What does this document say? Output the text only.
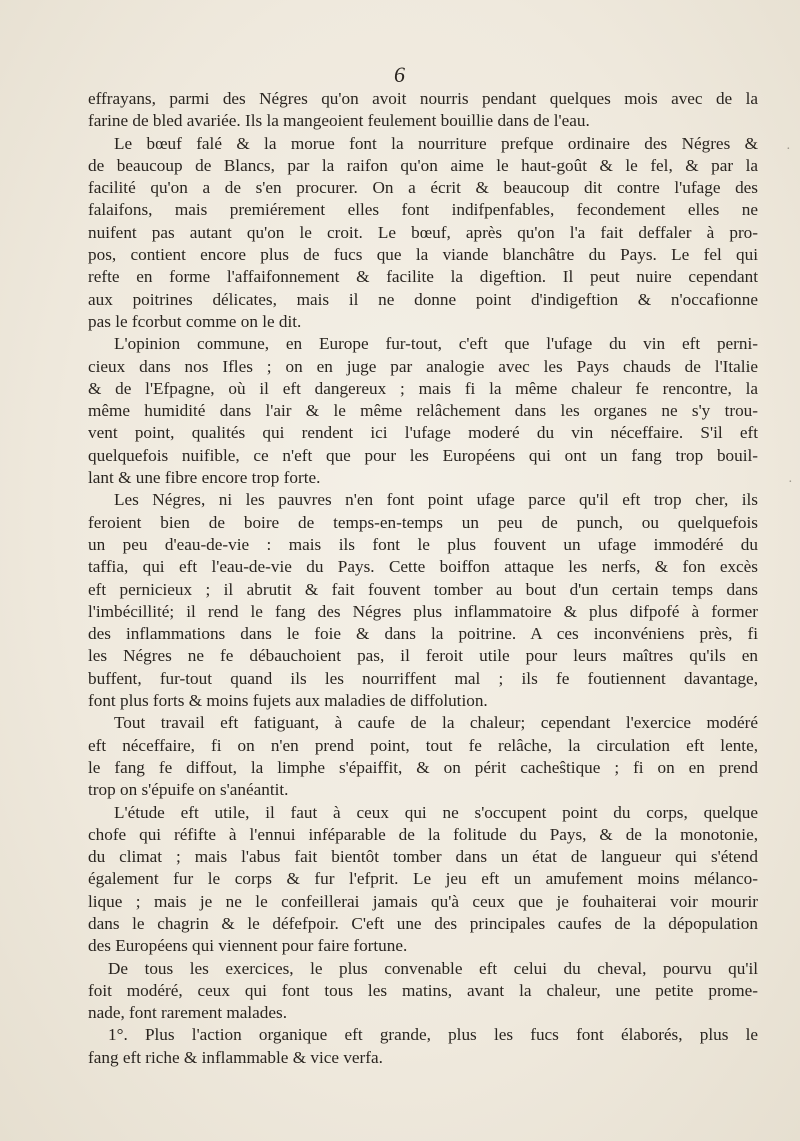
6
effrayans, parmi des Négres qu'on avoit nourris pendant quelques mois avec de la
farine de bled avariée. Ils la mangeoient feulement bouillie dans de l'eau.
Le bœuf falé & la morue font la nourriture prefque ordinaire des Négres &
de beaucoup de Blancs, par la raifon qu'on aime le haut-goût & le fel, & par la
facilité qu'on a de s'en procurer. On a écrit & beaucoup dit contre l'ufage des
falaifons, mais premiérement elles font indifpenfables, fecondement elles ne
nuifent pas autant qu'on le croit. Le bœuf, après qu'on l'a fait deffaler à pro-
pos, contient encore plus de fucs que la viande blanchâtre du Pays. Le fel qui
refte en forme l'affaifonnement & facilite la digeftion. Il peut nuire cependant
aux poitrines délicates, mais il ne donne point d'indigeftion & n'occafionne
pas le fcorbut comme on le dit.
L'opinion commune, en Europe fur-tout, c'eft que l'ufage du vin eft perni-
cieux dans nos Ifles ; on en juge par analogie avec les Pays chauds de l'Italie
& de l'Efpagne, où il eft dangereux ; mais fi la même chaleur fe rencontre, la
même humidité dans l'air & le même relâchement dans les organes ne s'y trou-
vent point, qualités qui rendent ici l'ufage moderé du vin néceffaire. S'il eft
quelquefois nuifible, ce n'eft que pour les Européens qui ont un fang trop bouil-
lant & une fibre encore trop forte.
Les Négres, ni les pauvres n'en font point ufage parce qu'il eft trop cher, ils
feroient bien de boire de temps-en-temps un peu de punch, ou quelquefois
un peu d'eau-de-vie : mais ils font le plus fouvent un ufage immodéré du
taffia, qui eft l'eau-de-vie du Pays. Cette boiffon attaque les nerfs, & fon excès
eft pernicieux ; il abrutit & fait fouvent tomber au bout d'un certain temps dans
l'imbécillité; il rend le fang des Négres plus inflammatoire & plus difpofé à former
des inflammations dans le foie & dans la poitrine. A ces inconvéniens près, fi
les Négres ne fe débauchoient pas, il feroit utile pour leurs maîtres qu'ils en
buffent, fur-tout quand ils les nourriffent mal ; ils fe foutiennent davantage,
font plus forts & moins fujets aux maladies de diffolution.
Tout travail eft fatiguant, à caufe de la chaleur; cependant l'exercice modéré
eft néceffaire, fi on n'en prend point, tout fe relâche, la circulation eft lente,
le fang fe diffout, la limphe s'épaiffit, & on périt cacheŝtique ; fi on en prend
trop on s'épuife on s'anéantit.
L'étude eft utile, il faut à ceux qui ne s'occupent point du corps, quelque
chofe qui réfifte à l'ennui inféparable de la folitude du Pays, & de la monotonie,
du climat ; mais l'abus fait bientôt tomber dans un état de langueur qui s'étend
également fur le corps & fur l'efprit. Le jeu eft un amufement moins mélanco-
lique ; mais je ne le confeillerai jamais qu'à ceux que je fouhaiterai voir mourir
dans le chagrin & le défefpoir. C'eft une des principales caufes de la dépopulation
des Européens qui viennent pour faire fortune.
De tous les exercices, le plus convenable eft celui du cheval, pourvu qu'il
foit modéré, ceux qui font tous les matins, avant la chaleur, une petite prome-
nade, font rarement malades.
1°. Plus l'action organique eft grande, plus les fucs font élaborés, plus le
fang eft riche & inflammable & vice verfa.
·
·
